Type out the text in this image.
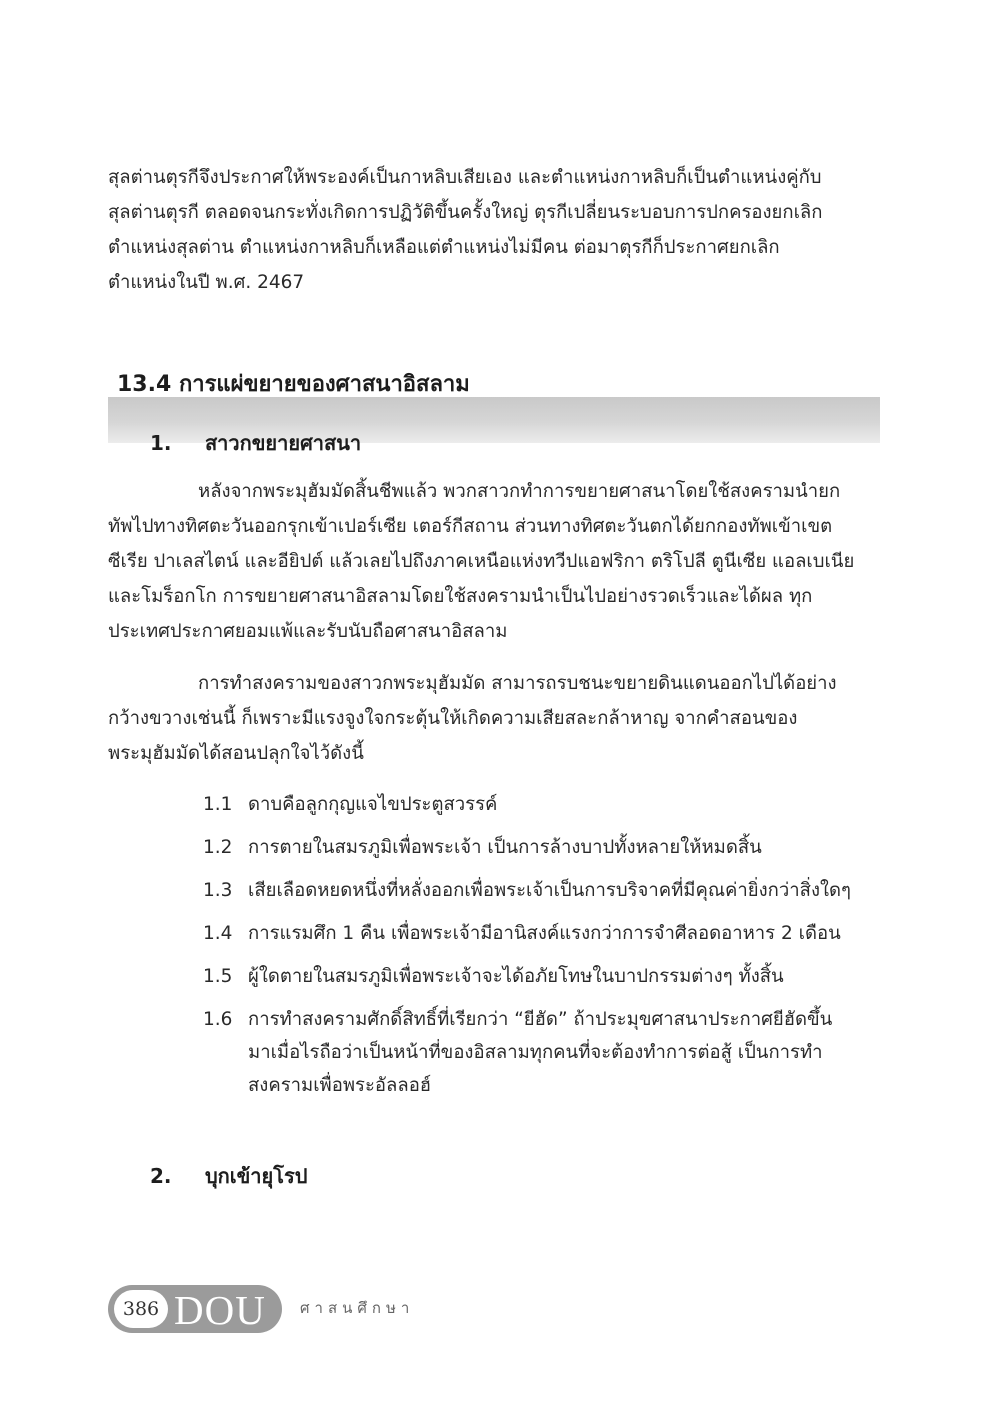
สุลต่านตุรกีจึงประกาศให้พระองค์เป็นกาหลิบเสียเอง และตำแหน่งกาหลิบก็เป็นตำแหน่งคู่กับ
สุลต่านตุรกี ตลอดจนกระทั่งเกิดการปฏิวัติขึ้นครั้งใหญ่ ตุรกีเปลี่ยนระบอบการปกครองยกเลิก
ตำแหน่งสุลต่าน ตำแหน่งกาหลิบก็เหลือแต่ตำแหน่งไม่มีคน ต่อมาตุรกีก็ประกาศยกเลิก
ตำแหน่งในปี พ.ศ. 2467
13.4 การแผ่ขยายของศาสนาอิสลาม
1. สาวกขยายศาสนา
หลังจากพระมุฮัมมัดสิ้นชีพแล้ว พวกสาวกทำการขยายศาสนาโดยใช้สงครามนำยก
ทัพไปทางทิศตะวันออกรุกเข้าเปอร์เซีย เตอร์กีสถาน ส่วนทางทิศตะวันตกได้ยกกองทัพเข้าเขต
ซีเรีย ปาเลสไตน์ และอียิปต์ แล้วเลยไปถึงภาคเหนือแห่งทวีปแอฟริกา ตริโปลี ตูนีเซีย แอลเบเนีย
และโมร็อกโก การขยายศาสนาอิสลามโดยใช้สงครามนำเป็นไปอย่างรวดเร็วและได้ผล ทุก
ประเทศประกาศยอมแพ้และรับนับถือศาสนาอิสลาม
การทำสงครามของสาวกพระมุฮัมมัด สามารถรบชนะขยายดินแดนออกไปได้อย่าง
กว้างขวางเช่นนี้ ก็เพราะมีแรงจูงใจกระตุ้นให้เกิดความเสียสละกล้าหาญ จากคำสอนของ
พระมุฮัมมัดได้สอนปลุกใจไว้ดังนี้
1.1 ดาบคือลูกกุญแจไขประตูสวรรค์
1.2 การตายในสมรภูมิเพื่อพระเจ้า เป็นการล้างบาปทั้งหลายให้หมดสิ้น
1.3 เสียเลือดหยดหนึ่งที่หลั่งออกเพื่อพระเจ้าเป็นการบริจาคที่มีคุณค่ายิ่งกว่าสิ่งใดๆ
1.4 การแรมศึก 1 คืน เพื่อพระเจ้ามีอานิสงค์แรงกว่าการจำศีลอดอาหาร 2 เดือน
1.5 ผู้ใดตายในสมรภูมิเพื่อพระเจ้าจะได้อภัยโทษในบาปกรรมต่างๆ ทั้งสิ้น
1.6 การทำสงครามศักดิ์สิทธิ์ที่เรียกว่า “ยีฮัด” ถ้าประมุขศาสนาประกาศยีฮัดขึ้น
มาเมื่อไรถือว่าเป็นหน้าที่ของอิสลามทุกคนที่จะต้องทำการต่อสู้ เป็นการทำ
สงครามเพื่อพระอัลลอฮ์
2. บุกเข้ายุโรป
386 DOU ศาสนศึกษา
